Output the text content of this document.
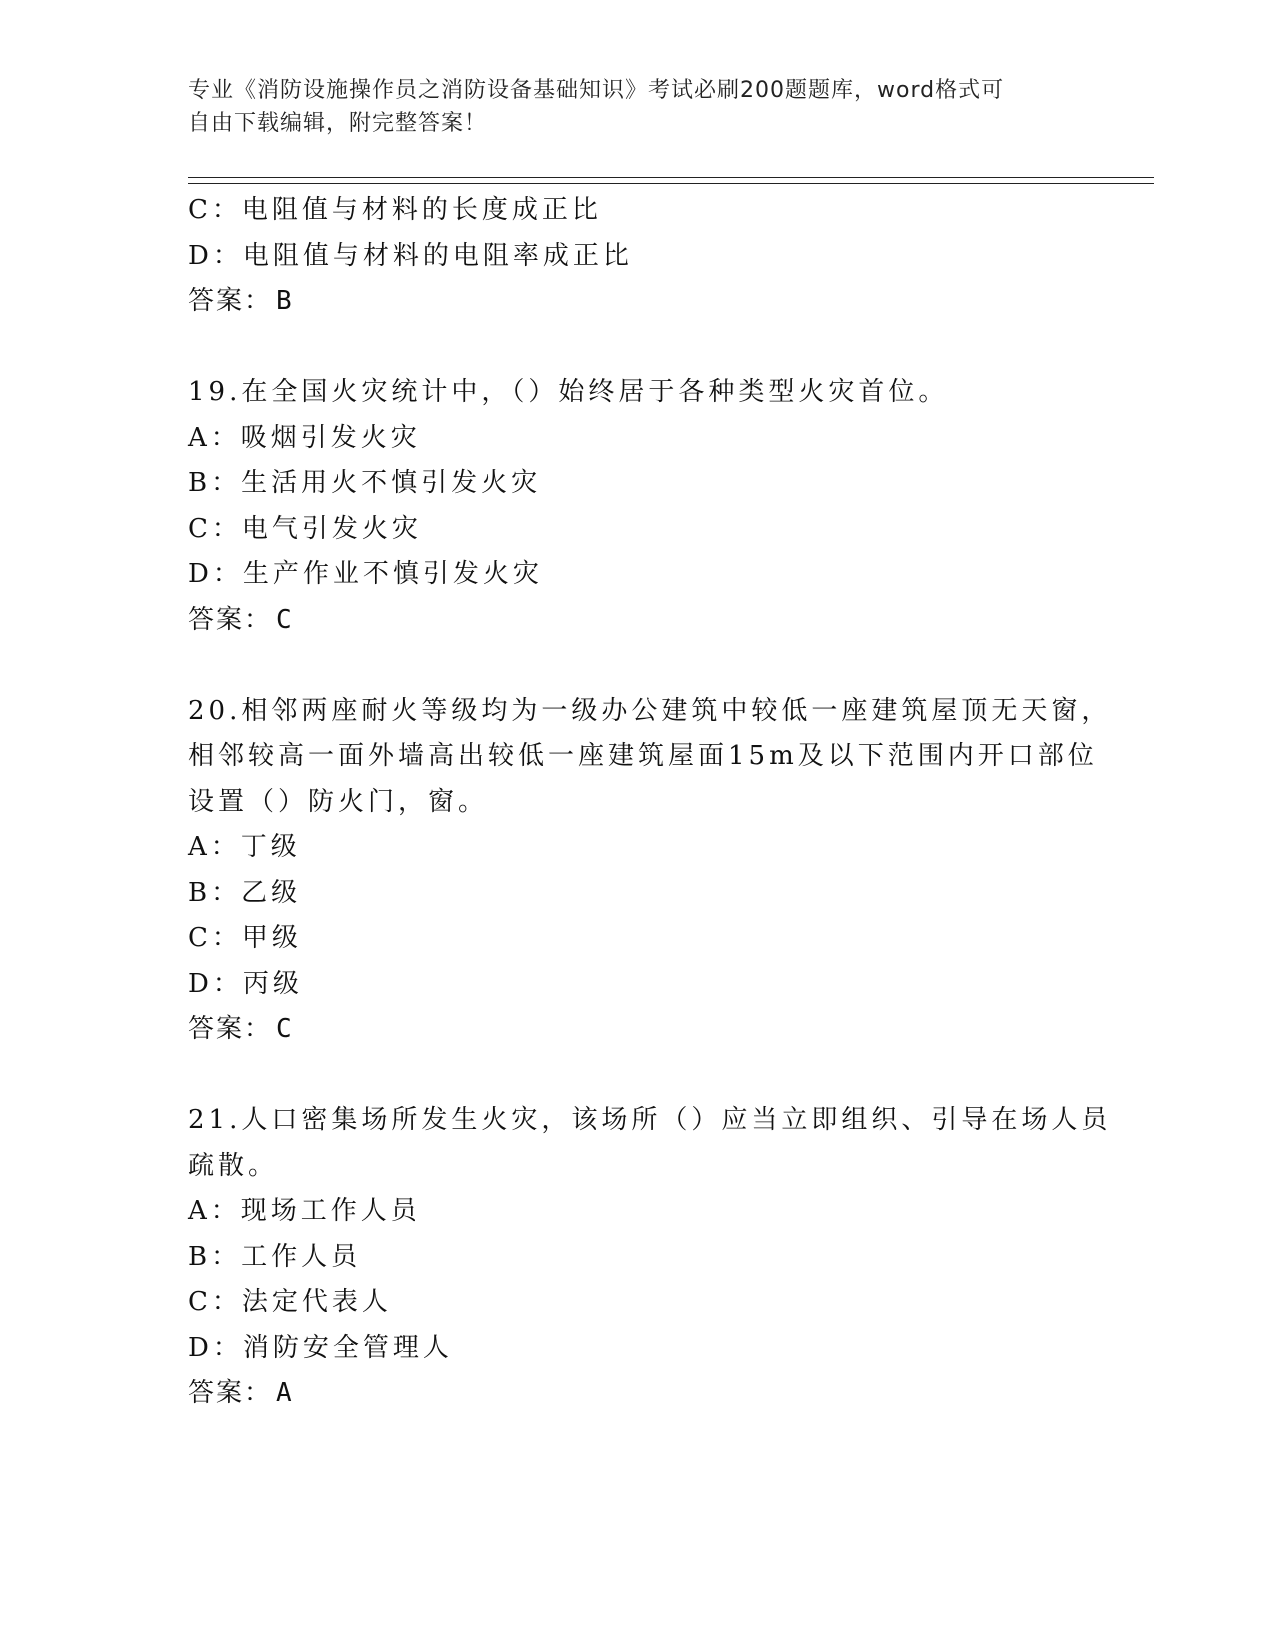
专业《消防设施操作员之消防设备基础知识》考试必刷200题题库，word格式可
自由下载编辑，附完整答案！
C：电阻值与材料的长度成正比
D：电阻值与材料的电阻率成正比
答案： B
19.在全国火灾统计中，（）始终居于各种类型火灾首位。
A：吸烟引发火灾
B：生活用火不慎引发火灾
C：电气引发火灾
D：生产作业不慎引发火灾
答案： C
20.相邻两座耐火等级均为一级办公建筑中较低一座建筑屋顶无天窗，
相邻较高一面外墙高出较低一座建筑屋面15m及以下范围内开口部位
设置（）防火门，窗。
A：丁级
B：乙级
C：甲级
D：丙级
答案： C
21.人口密集场所发生火灾，该场所（）应当立即组织、引导在场人员
疏散。
A：现场工作人员
B：工作人员
C：法定代表人
D：消防安全管理人
答案： A
